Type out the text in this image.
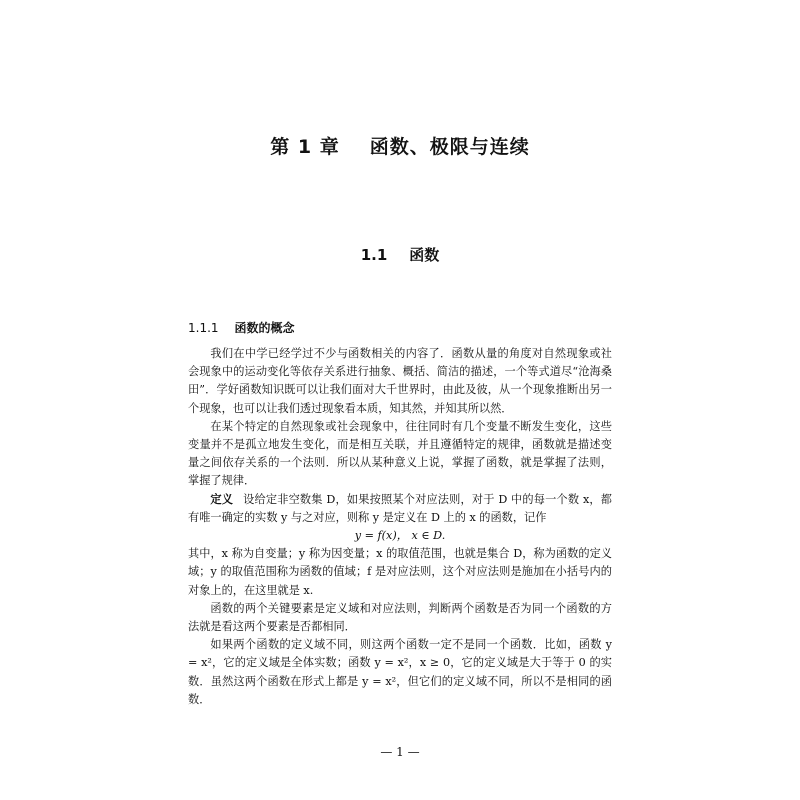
第 1 章 函数、极限与连续
1.1 函数
1.1.1 函数的概念

我们在中学已经学过不少与函数相关的内容了．函数从量的角度对自然现象或社会现象中的运动变化等依存关系进行抽象、概括、简洁的描述，一个等式道尽“沧海桑田”．学好函数知识既可以让我们面对大千世界时，由此及彼，从一个现象推断出另一个现象，也可以让我们透过现象看本质，知其然，并知其所以然．

在某个特定的自然现象或社会现象中，往往同时有几个变量不断发生变化，这些变量并不是孤立地发生变化，而是相互关联，并且遵循特定的规律，函数就是描述变量之间依存关系的一个法则．所以从某种意义上说，掌握了函数，就是掌握了法则，掌握了规律．

定义 设给定非空数集 D，如果按照某个对应法则，对于 D 中的每一个数 x，都有唯一确定的实数 y 与之对应，则称 y 是定义在 D 上的 x 的函数，记作

y = f(x)， x ∈ D.

其中，x 称为自变量；y 称为因变量；x 的取值范围，也就是集合 D，称为函数的定义域；y 的取值范围称为函数的值域；f 是对应法则，这个对应法则是施加在小括号内的对象上的，在这里就是 x.

函数的两个关键要素是定义域和对应法则，判断两个函数是否为同一个函数的方法就是看这两个要素是否都相同．

如果两个函数的定义域不同，则这两个函数一定不是同一个函数．比如，函数 y = x²，它的定义域是全体实数；函数 y = x²，x ≥ 0，它的定义域是大于等于 0 的实数．虽然这两个函数在形式上都是 y = x²，但它们的定义域不同，所以不是相同的函数．

— 1 —
